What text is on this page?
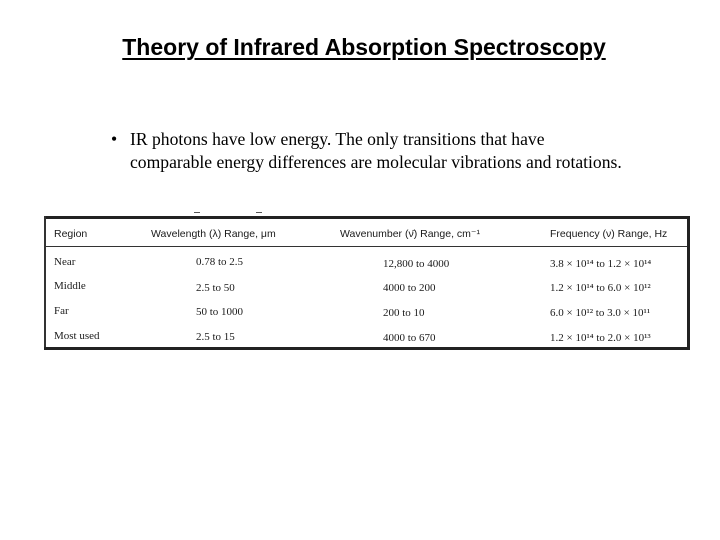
Theory of Infrared Absorption Spectroscopy
• IR photons have low energy. The only transitions that have
comparable energy differences are molecular vibrations and rotations.
Region	Wavelength (λ) Range, μm	Wavenumber (ν̄) Range, cm⁻¹	Frequency (ν) Range, Hz
Near	0.78 to 2.5	12,800 to 4000	3.8 × 10¹⁴ to 1.2 × 10¹⁴
Middle	2.5 to 50	4000 to 200	1.2 × 10¹⁴ to 6.0 × 10¹²
Far	50 to 1000	200 to 10	6.0 × 10¹² to 3.0 × 10¹¹
Most used	2.5 to 15	4000 to 670	1.2 × 10¹⁴ to 2.0 × 10¹³
